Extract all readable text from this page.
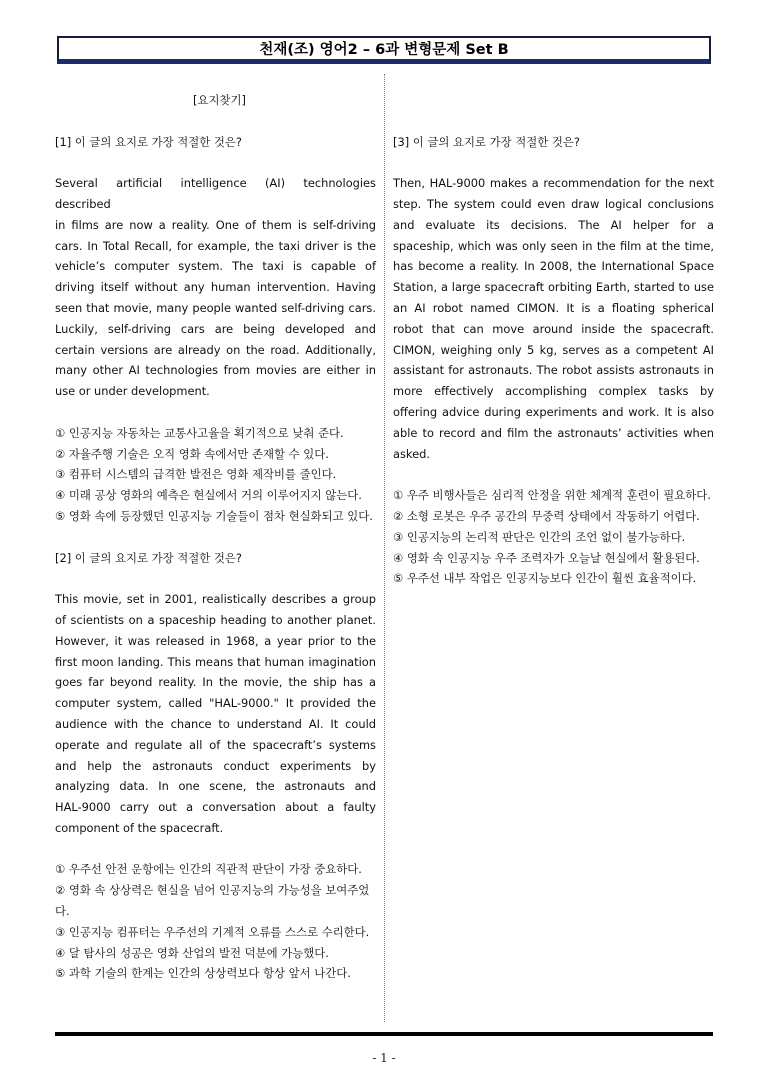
천재(조) 영어2 – 6과 변형문제 Set B
[요지찾기]
[1] 이 글의 요지로 가장 적절한 것은?
Several artificial intelligence (AI) technologies described
in films are now a reality. One of them is self-driving
cars. In Total Recall, for example, the taxi driver is the
vehicle’s computer system. The taxi is capable of
driving itself without any human intervention. Having
seen that movie, many people wanted self-driving cars.
Luckily, self-driving cars are being developed and
certain versions are already on the road. Additionally,
many other AI technologies from movies are either in
use or under development.
① 인공지능 자동차는 교통사고율을 획기적으로 낮춰 준다.
② 자율주행 기술은 오직 영화 속에서만 존재할 수 있다.
③ 컴퓨터 시스템의 급격한 발전은 영화 제작비를 줄인다.
④ 미래 공상 영화의 예측은 현실에서 거의 이루어지지 않는다.
⑤ 영화 속에 등장했던 인공지능 기술들이 점차 현실화되고 있다.
[2] 이 글의 요지로 가장 적절한 것은?
This movie, set in 2001, realistically describes a group
of scientists on a spaceship heading to another planet.
However, it was released in 1968, a year prior to the
first moon landing. This means that human imagination
goes far beyond reality. In the movie, the ship has a
computer system, called "HAL-9000." It provided the
audience with the chance to understand AI. It could
operate and regulate all of the spacecraft’s systems
and help the astronauts conduct experiments by
analyzing data. In one scene, the astronauts and
HAL-9000 carry out a conversation about a faulty
component of the spacecraft.
① 우주선 안전 운항에는 인간의 직관적 판단이 가장 중요하다.
② 영화 속 상상력은 현실을 넘어 인공지능의 가능성을 보여주었
다.
③ 인공지능 컴퓨터는 우주선의 기계적 오류를 스스로 수리한다.
④ 달 탐사의 성공은 영화 산업의 발전 덕분에 가능했다.
⑤ 과학 기술의 한계는 인간의 상상력보다 항상 앞서 나간다.
[3] 이 글의 요지로 가장 적절한 것은?
Then, HAL-9000 makes a recommendation for the next
step. The system could even draw logical conclusions
and evaluate its decisions. The AI helper for a
spaceship, which was only seen in the film at the time,
has become a reality. In 2008, the International Space
Station, a large spacecraft orbiting Earth, started to use
an AI robot named CIMON. It is a floating spherical
robot that can move around inside the spacecraft.
CIMON, weighing only 5 kg, serves as a competent AI
assistant for astronauts. The robot assists astronauts in
more effectively accomplishing complex tasks by
offering advice during experiments and work. It is also
able to record and film the astronauts’ activities when
asked.
① 우주 비행사들은 심리적 안정을 위한 체계적 훈련이 필요하다.
② 소형 로봇은 우주 공간의 무중력 상태에서 작동하기 어렵다.
③ 인공지능의 논리적 판단은 인간의 조언 없이 불가능하다.
④ 영화 속 인공지능 우주 조력자가 오늘날 현실에서 활용된다.
⑤ 우주선 내부 작업은 인공지능보다 인간이 훨씬 효율적이다.
- 1 -
